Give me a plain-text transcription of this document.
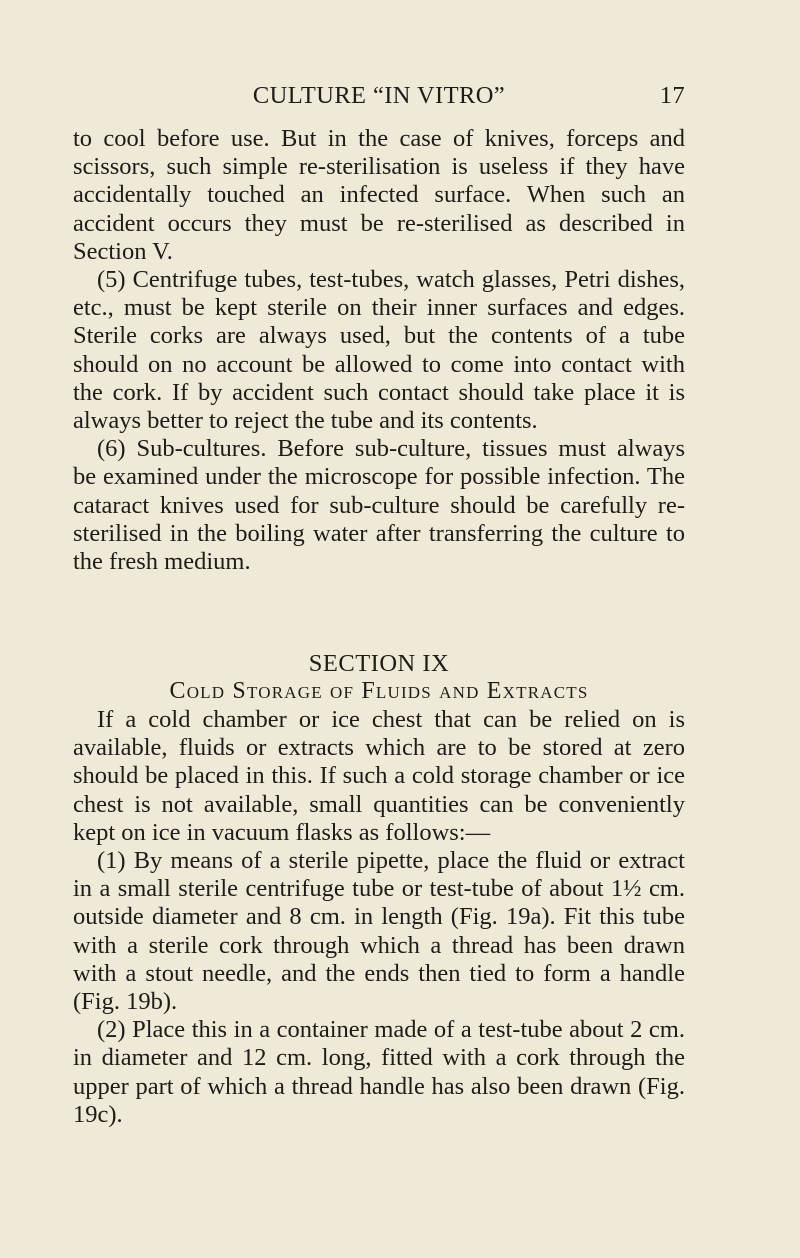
CULTURE “IN VITRO”	17

to cool before use. But in the case of knives, forceps and scissors, such simple re-sterilisation is useless if they have accidentally touched an infected surface. When such an accident occurs they must be re-sterilised as described in Section V.

(5) Centrifuge tubes, test-tubes, watch glasses, Petri dishes, etc., must be kept sterile on their inner surfaces and edges. Sterile corks are always used, but the contents of a tube should on no account be allowed to come into contact with the cork. If by accident such contact should take place it is always better to reject the tube and its contents.

(6) Sub-cultures. Before sub-culture, tissues must always be examined under the microscope for possible infection. The cataract knives used for sub-culture should be carefully re-sterilised in the boiling water after transferring the culture to the fresh medium.

SECTION IX
Cold Storage of Fluids and Extracts

If a cold chamber or ice chest that can be relied on is available, fluids or extracts which are to be stored at zero should be placed in this. If such a cold storage chamber or ice chest is not available, small quantities can be conveniently kept on ice in vacuum flasks as follows:—

(1) By means of a sterile pipette, place the fluid or extract in a small sterile centrifuge tube or test-tube of about 1½ cm. outside diameter and 8 cm. in length (Fig. 19a). Fit this tube with a sterile cork through which a thread has been drawn with a stout needle, and the ends then tied to form a handle (Fig. 19b).

(2) Place this in a container made of a test-tube about 2 cm. in diameter and 12 cm. long, fitted with a cork through the upper part of which a thread handle has also been drawn (Fig. 19c).
